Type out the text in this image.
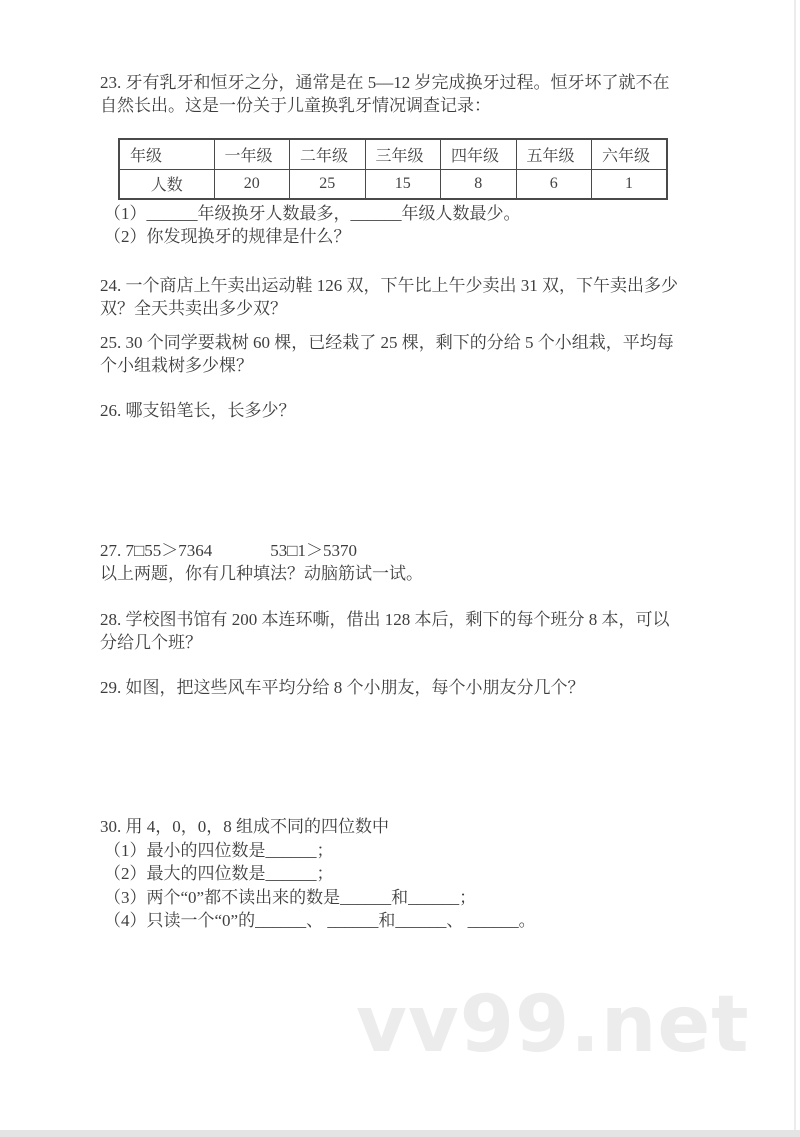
23. 牙有乳牙和恒牙之分，通常是在 5—12 岁完成换牙过程。恒牙坏了就不在
自然长出。这是一份关于儿童换乳牙情况调查记录：
年级	一年级	二年级	三年级	四年级	五年级	六年级
人数	20	25	15	8	6	1
（1）______年级换牙人数最多，______年级人数最少。
（2）你发现换牙的规律是什么？
24. 一个商店上午卖出运动鞋 126 双，下午比上午少卖出 31 双，下午卖出多少
双？全天共卖出多少双？
25. 30 个同学要栽树 60 棵，已经栽了 25 棵，剩下的分给 5 个小组栽，平均每
个小组栽树多少棵？
26. 哪支铅笔长，长多少？
27. 7□55＞7364	53□1＞5370
以上两题，你有几种填法？动脑筋试一试。
28. 学校图书馆有 200 本连环嘶，借出 128 本后，剩下的每个班分 8 本，可以
分给几个班？
29. 如图，把这些风车平均分给 8 个小朋友，每个小朋友分几个？
30. 用 4，0，0，8 组成不同的四位数中
（1）最小的四位数是______；
（2）最大的四位数是______；
（3）两个“0”都不读出来的数是______和______；
（4）只读一个“0”的______、 ______和______、 ______。
vv99.net
